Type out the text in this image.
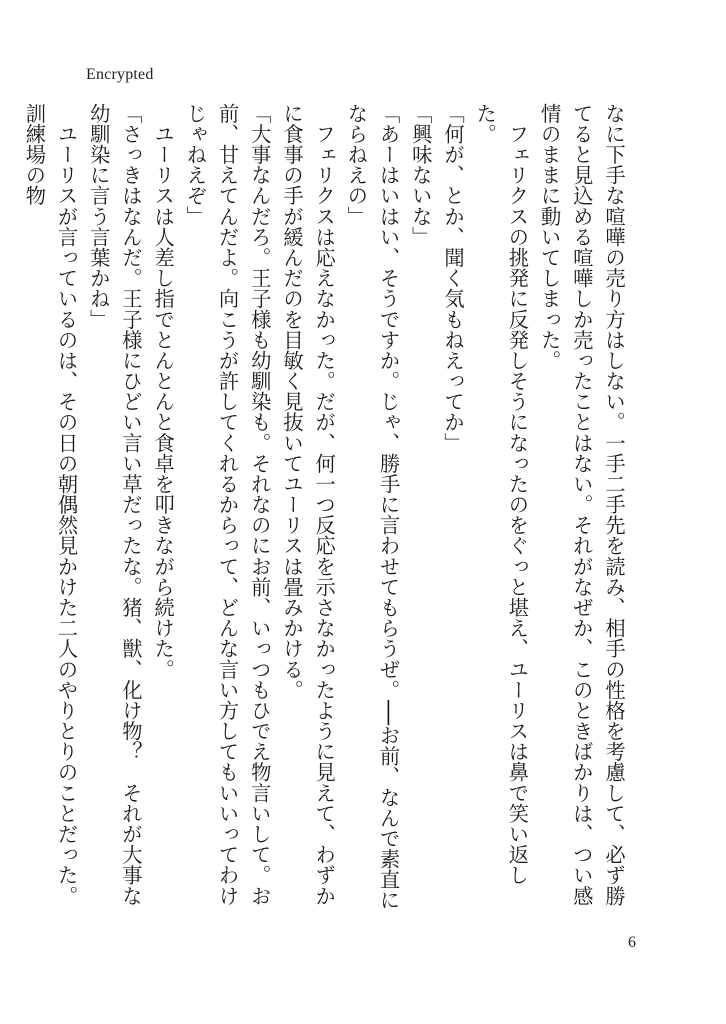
Encrypted

なに下手な喧嘩の売り方はしない。一手二手先を読み、相手の性格を考慮して、必ず勝てると見込める喧嘩しか売ったことはない。それがなぜか、このときばかりは、つい感情のままに動いてしまった。

　フェリクスの挑発に反発しそうになったのをぐっと堪え、ユーリスは鼻で笑い返した。

「何が、とか、聞く気もねえってか」

「興味ないな」

「あーはいはい、そうですか。じゃ、勝手に言わせてもらうぜ。──お前、なんで素直にならねえの」

　フェリクスは応えなかった。だが、何一つ反応を示さなかったように見えて、わずかに食事の手が緩んだのを目敏く見抜いてユーリスは畳みかける。

「大事なんだろ。王子様も幼馴染も。それなのにお前、いっつもひでえ物言いして。お前、甘えてんだよ。向こうが許してくれるからって、どんな言い方してもいいってわけじゃねえぞ」

　ユーリスは人差し指でとんとんと食卓を叩きながら続けた。

「さっきはなんだ。王子様にひどい言い草だったな。猪、獣、化け物？　それが大事な幼馴染に言う言葉かね」

　ユーリスが言っているのは、その日の朝偶然見かけた二人のやりとりのことだった。訓練場の物

6
